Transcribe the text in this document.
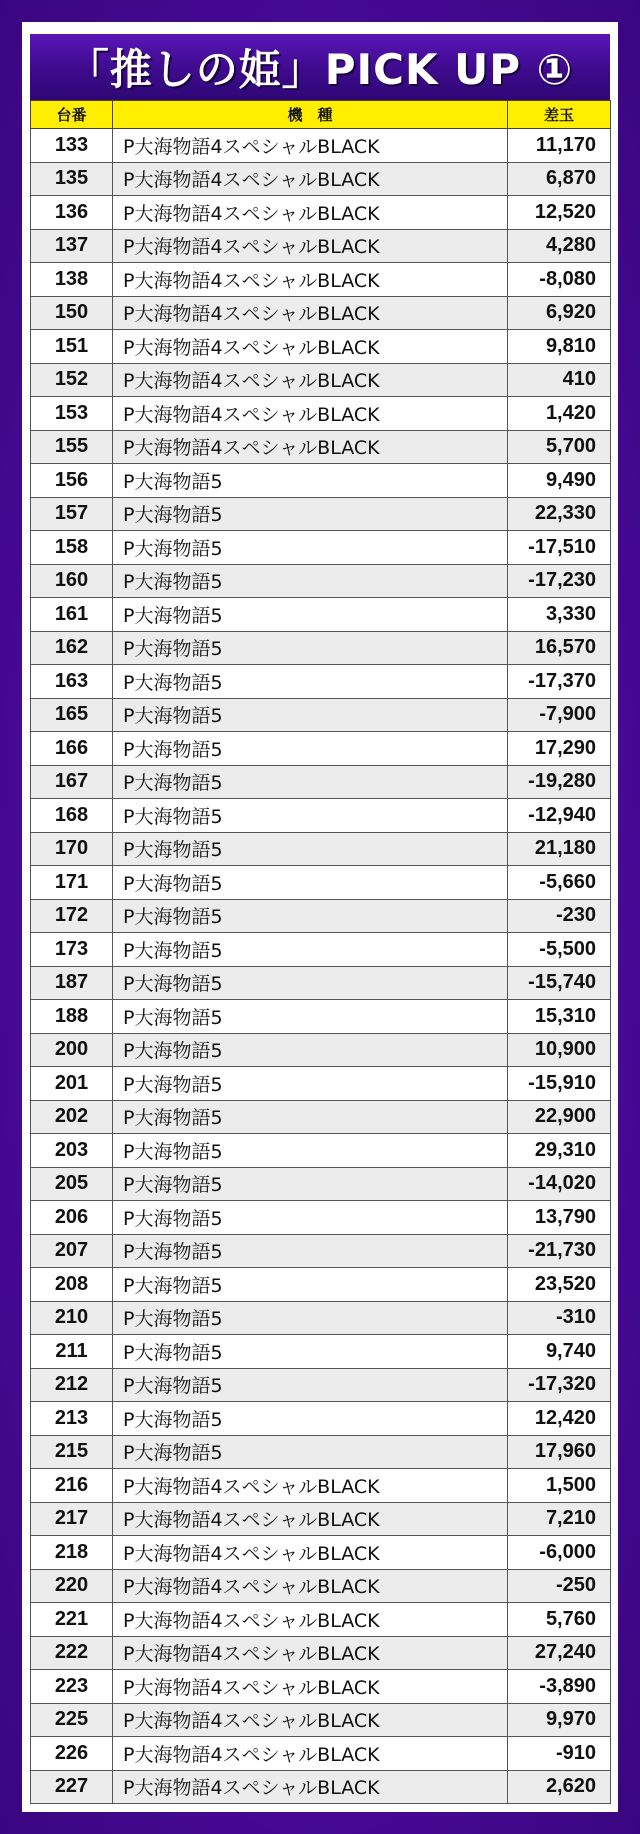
「推しの姫」PICK UP ①
台番	機　種	差玉
133	P大海物語4スペシャルBLACK	11,170
135	P大海物語4スペシャルBLACK	6,870
136	P大海物語4スペシャルBLACK	12,520
137	P大海物語4スペシャルBLACK	4,280
138	P大海物語4スペシャルBLACK	-8,080
150	P大海物語4スペシャルBLACK	6,920
151	P大海物語4スペシャルBLACK	9,810
152	P大海物語4スペシャルBLACK	410
153	P大海物語4スペシャルBLACK	1,420
155	P大海物語4スペシャルBLACK	5,700
156	P大海物語5	9,490
157	P大海物語5	22,330
158	P大海物語5	-17,510
160	P大海物語5	-17,230
161	P大海物語5	3,330
162	P大海物語5	16,570
163	P大海物語5	-17,370
165	P大海物語5	-7,900
166	P大海物語5	17,290
167	P大海物語5	-19,280
168	P大海物語5	-12,940
170	P大海物語5	21,180
171	P大海物語5	-5,660
172	P大海物語5	-230
173	P大海物語5	-5,500
187	P大海物語5	-15,740
188	P大海物語5	15,310
200	P大海物語5	10,900
201	P大海物語5	-15,910
202	P大海物語5	22,900
203	P大海物語5	29,310
205	P大海物語5	-14,020
206	P大海物語5	13,790
207	P大海物語5	-21,730
208	P大海物語5	23,520
210	P大海物語5	-310
211	P大海物語5	9,740
212	P大海物語5	-17,320
213	P大海物語5	12,420
215	P大海物語5	17,960
216	P大海物語4スペシャルBLACK	1,500
217	P大海物語4スペシャルBLACK	7,210
218	P大海物語4スペシャルBLACK	-6,000
220	P大海物語4スペシャルBLACK	-250
221	P大海物語4スペシャルBLACK	5,760
222	P大海物語4スペシャルBLACK	27,240
223	P大海物語4スペシャルBLACK	-3,890
225	P大海物語4スペシャルBLACK	9,970
226	P大海物語4スペシャルBLACK	-910
227	P大海物語4スペシャルBLACK	2,620
